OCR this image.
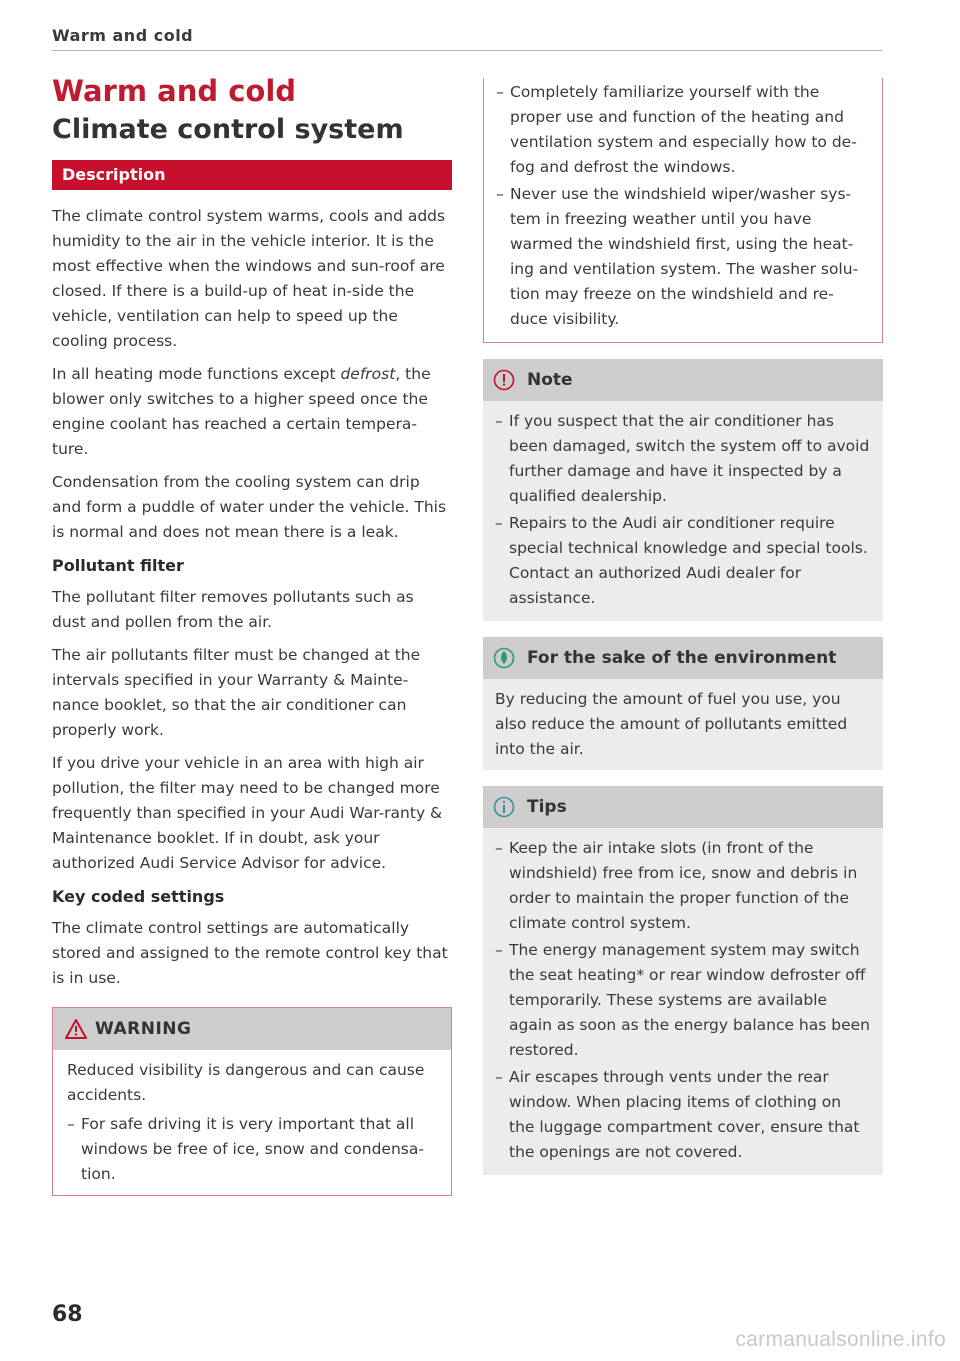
Warm and cold
Warm and cold
Climate control system
Description

The climate control system warms, cools and adds humidity to the air in the vehicle interior. It is the most effective when the windows and sun-roof are closed. If there is a build-up of heat in-side the vehicle, ventilation can help to speed up the cooling process.

In all heating mode functions except defrost, the blower only switches to a higher speed once the engine coolant has reached a certain tempera-ture.

Condensation from the cooling system can drip and form a puddle of water under the vehicle. This is normal and does not mean there is a leak.

Pollutant filter

The pollutant filter removes pollutants such as dust and pollen from the air.

The air pollutants filter must be changed at the intervals specified in your Warranty & Mainte-nance booklet, so that the air conditioner can properly work.

If you drive your vehicle in an area with high air pollution, the filter may need to be changed more frequently than specified in your Audi War-ranty & Maintenance booklet. If in doubt, ask your authorized Audi Service Advisor for advice.

Key coded settings

The climate control settings are automatically stored and assigned to the remote control key that is in use.

WARNING

Reduced visibility is dangerous and can cause accidents.

– For safe driving it is very important that all windows be free of ice, snow and condensa-tion.
– Completely familiarize yourself with the proper use and function of the heating and ventilation system and especially how to de-fog and defrost the windows.
– Never use the windshield wiper/washer sys-tem in freezing weather until you have warmed the windshield first, using the heat-ing and ventilation system. The washer solu-tion may freeze on the windshield and re-duce visibility.
Note
– If you suspect that the air conditioner has been damaged, switch the system off to avoid further damage and have it inspected by a qualified dealership.
– Repairs to the Audi air conditioner require special technical knowledge and special tools. Contact an authorized Audi dealer for assistance.
For the sake of the environment

By reducing the amount of fuel you use, you also reduce the amount of pollutants emitted into the air.

Tips
– Keep the air intake slots (in front of the windshield) free from ice, snow and debris in order to maintain the proper function of the climate control system.
– The energy management system may switch the seat heating* or rear window defroster off temporarily. These systems are available again as soon as the energy balance has been restored.
– Air escapes through vents under the rear window. When placing items of clothing on the luggage compartment cover, ensure that the openings are not covered.
68
carmanualsonline.info
